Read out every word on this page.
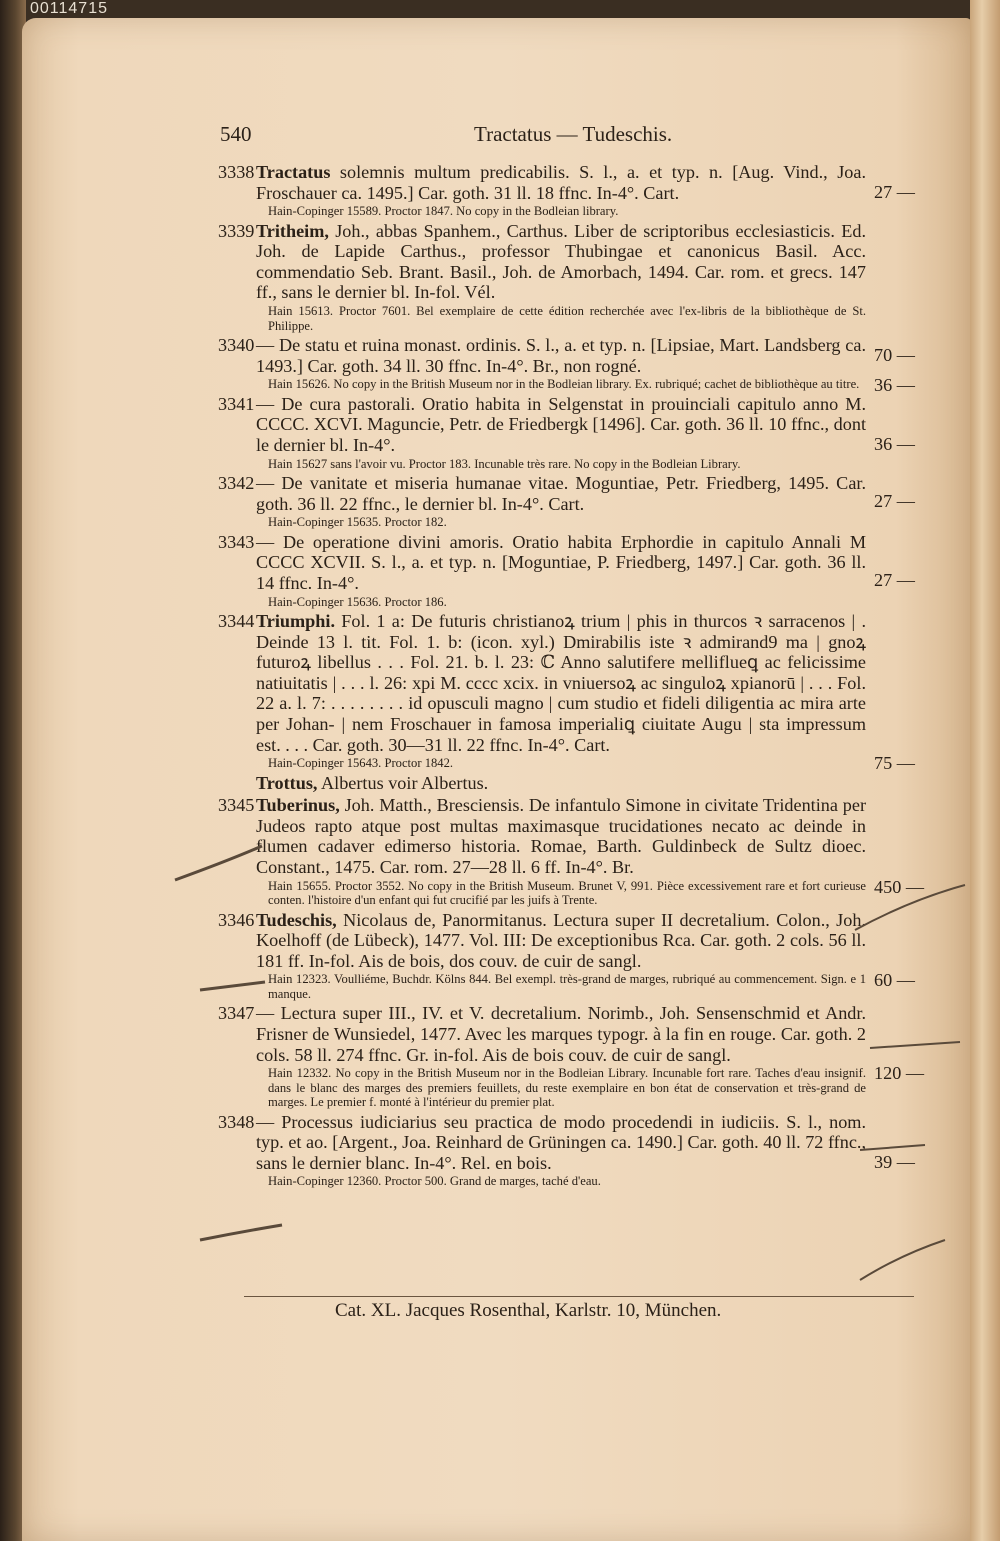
00114715
540	Tractatus — Tudeschis.
3338 Tractatus solemnis multum predicabilis. S. l., a. et typ. n. [Aug. Vind., Joa. Froschauer ca. 1495.] Car. goth. 31 ll. 18 ffnc. In-4°. Cart.
Hain-Copinger 15589. Proctor 1847. No copy in the Bodleian library.
27 —
3339 Tritheim, Joh., abbas Spanhem., Carthus. Liber de scriptoribus ecclesiasticis. Ed. Joh. de Lapide Carthus., professor Thubingae et canonicus Basil. Acc. commendatio Seb. Brant. Basil., Joh. de Amorbach, 1494. Car. rom. et grecs. 147 ff., sans le dernier bl. In-fol. Vél.
Hain 15613. Proctor 7601. Bel exemplaire de cette édition recherchée avec l'ex-libris de la bibliothèque de St. Philippe.
70 —
3340 — De statu et ruina monast. ordinis. S. l., a. et typ. n. [Lipsiae, Mart. Landsberg ca. 1493.] Car. goth. 34 ll. 30 ffnc. In-4°. Br., non rogné.
Hain 15626. No copy in the British Museum nor in the Bodleian library. Ex. rubriqué; cachet de bibliothèque au titre. 36 —
3341 — De cura pastorali. Oratio habita in Selgenstat in prouinciali capitulo anno M. CCCC. XCVI. Maguncie, Petr. de Friedbergk [1496]. Car. goth. 36 ll. 10 ffnc., dont le dernier bl. In-4°.
Hain 15627 sans l'avoir vu. Proctor 183. Incunable très rare. No copy in the Bodleian Library.
36 —
3342 — De vanitate et miseria humanae vitae. Moguntiae, Petr. Friedberg, 1495. Car. goth. 36 ll. 22 ffnc., le dernier bl. In-4°. Cart.
Hain-Copinger 15635. Proctor 182.
27 —
3343 — De operatione divini amoris. Oratio habita Erphordie in capitulo Annali M CCCC XCVII. S. l., a. et typ. n. [Moguntiae, P. Friedberg, 1497.] Car. goth. 36 ll. 14 ffnc. In-4°.
Hain-Copinger 15636. Proctor 186.
27 —
3344 Triumphi. Fol. 1 a: De futuris christianoꝝ trium | phis in thurcos ꝛ sarracenos | . Deinde 13 l. tit. Fol. 1. b: (icon. xyl.) Dmirabilis iste ꝛ admirand9 ma | gnoꝝ futuroꝝ libellus . . . Fol. 21. b. l. 23: ℂ Anno salutifere melliflueꝗ ac felicissime natiuitatis | . . . l. 26: xpi M. cccc xcix. in vniuersoꝝ ac singuloꝝ xpianorū | . . . Fol. 22 a. l. 7: . . . . . . . . id opusculi magno | cum studio et fideli diligentia ac mira arte per Johan- | nem Froschauer in famosa imperialiꝗ ciuitate Augu | sta impressum est. . . . Car. goth. 30—31 ll. 22 ffnc. In-4°. Cart.
Hain-Copinger 15643. Proctor 1842.	75 —
Trottus, Albertus voir Albertus.
3345 Tuberinus, Joh. Matth., Bresciensis. De infantulo Simone in civitate Tridentina per Judeos rapto atque post multas maximasque trucidationes necato ac deinde in flumen cadaver edimerso historia. Romae, Barth. Guldinbeck de Sultz dioec. Constant., 1475. Car. rom. 27—28 ll. 6 ff. In-4°. Br.
Hain 15655. Proctor 3552. No copy in the British Museum. Brunet V, 991. Pièce excessivement rare et fort curieuse conten. l'histoire d'un enfant qui fut crucifié par les juifs à Trente.
450 —
3346 Tudeschis, Nicolaus de, Panormitanus. Lectura super II decretalium. Colon., Joh. Koelhoff (de Lübeck), 1477. Vol. III: De exceptionibus Rca. Car. goth. 2 cols. 56 ll. 181 ff. In-fol. Ais de bois, dos couv. de cuir de sangl.
Hain 12323. Voulliéme, Buchdr. Kölns 844. Bel exempl. très-grand de marges, rubriqué au commencement. Sign. e 1 manque.
60 —
3347 — Lectura super III., IV. et V. decretalium. Norimb., Joh. Sensenschmid et Andr. Frisner de Wunsiedel, 1477. Avec les marques typogr. à la fin en rouge. Car. goth. 2 cols. 58 ll. 274 ffnc. Gr. in-fol. Ais de bois couv. de cuir de sangl.
Hain 12332. No copy in the British Museum nor in the Bodleian Library. Incunable fort rare. Taches d'eau insignif. dans le blanc des marges des premiers feuillets, du reste exemplaire en bon état de conservation et très-grand de marges. Le premier f. monté à l'intérieur du premier plat.
120 —
3348 — Processus iudiciarius seu practica de modo procedendi in iudiciis. S. l., nom. typ. et ao. [Argent., Joa. Reinhard de Grüningen ca. 1490.] Car. goth. 40 ll. 72 ffnc., sans le dernier blanc. In-4°. Rel. en bois.
Hain-Copinger 12360. Proctor 500. Grand de marges, taché d'eau.
39 —
Cat. XL. Jacques Rosenthal, Karlstr. 10, München.
